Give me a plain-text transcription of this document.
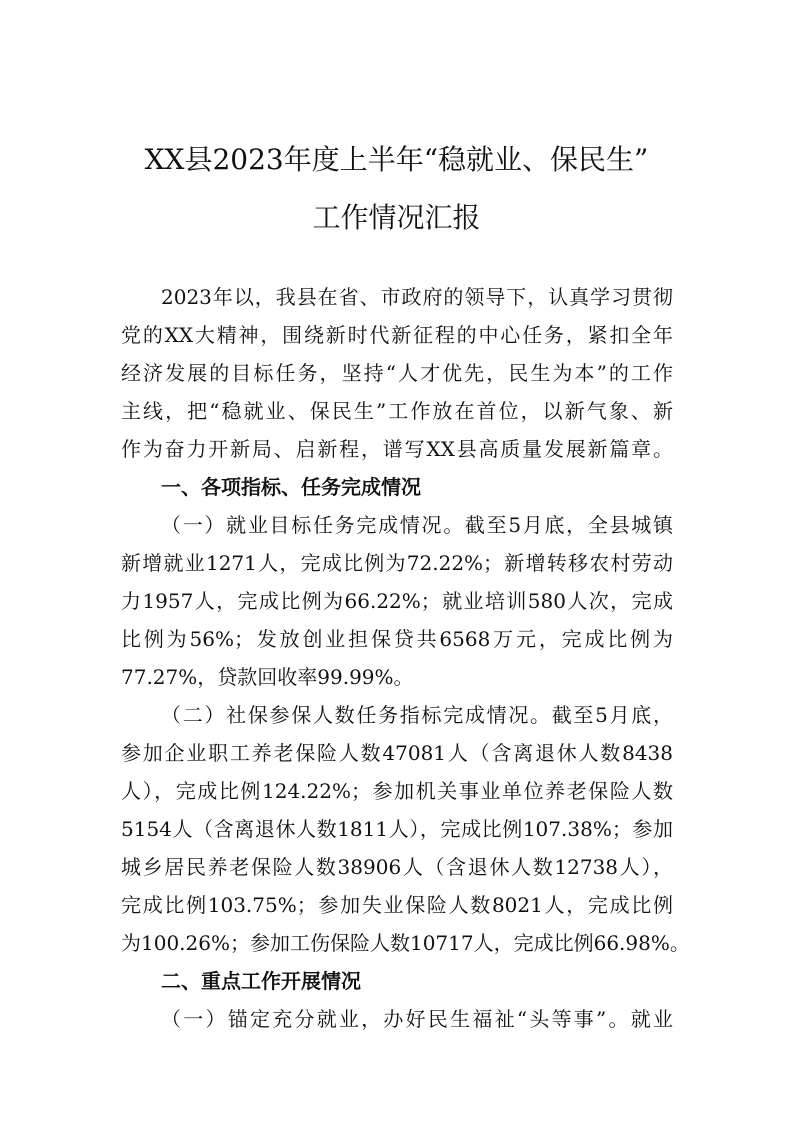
XX县2023年度上半年“稳就业、保民生”
工作情况汇报
2023年以，我县在省、市政府的领导下，认真学习贯彻
党的XX大精神，围绕新时代新征程的中心任务，紧扣全年
经济发展的目标任务，坚持“人才优先，民生为本”的工作
主线，把“稳就业、保民生”工作放在首位，以新气象、新
作为奋力开新局、启新程，谱写XX县高质量发展新篇章。
一、各项指标、任务完成情况
（一）就业目标任务完成情况。截至5月底，全县城镇
新增就业1271人，完成比例为72.22%；新增转移农村劳动
力1957人，完成比例为66.22%；就业培训580人次，完成
比例为56%；发放创业担保贷共6568万元，完成比例为
77.27%，贷款回收率99.99%。
（二）社保参保人数任务指标完成情况。截至5月底，
参加企业职工养老保险人数47081人（含离退休人数8438
人），完成比例124.22%；参加机关事业单位养老保险人数
5154人（含离退休人数1811人），完成比例107.38%；参加
城乡居民养老保险人数38906人（含退休人数12738人），
完成比例103.75%；参加失业保险人数8021人，完成比例
为100.26%；参加工伤保险人数10717人，完成比例66.98%。
二、重点工作开展情况
（一）锚定充分就业，办好民生福祉“头等事”。就业
